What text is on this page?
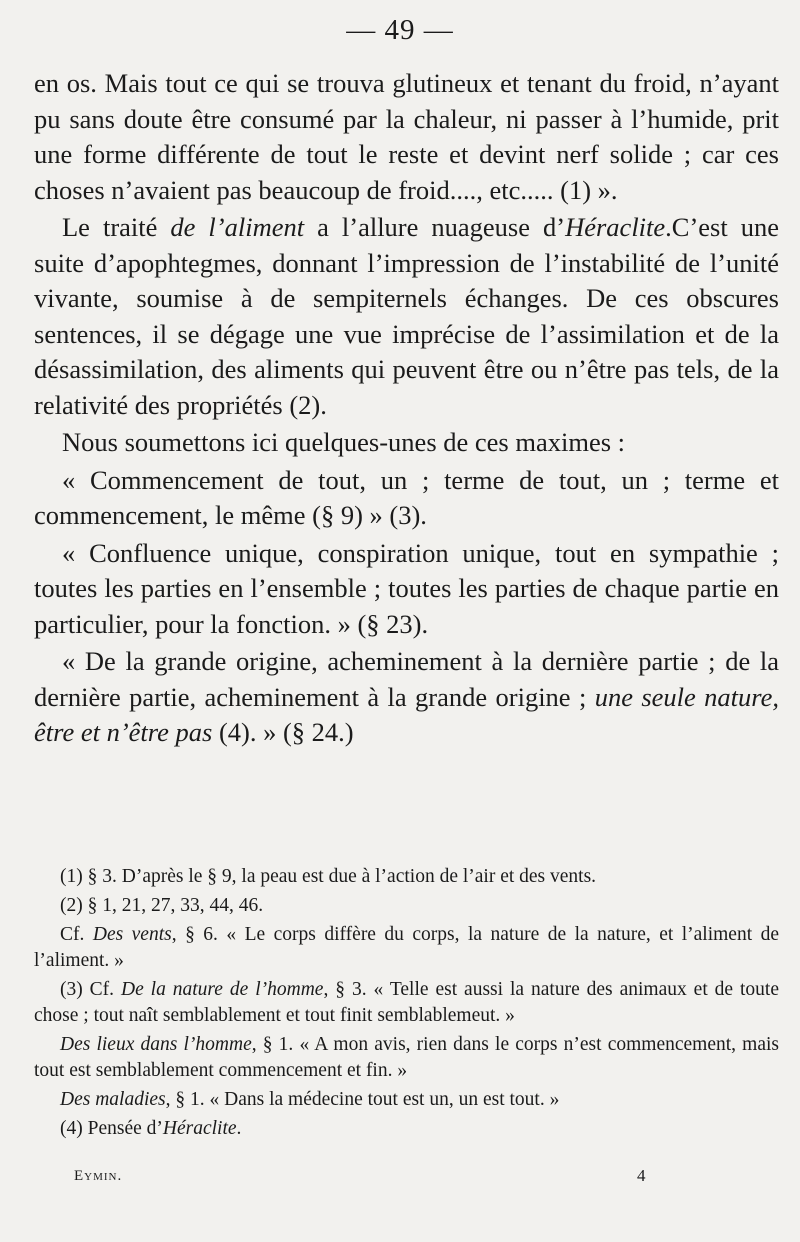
— 49 —

en os. Mais tout ce qui se trouva glutineux et tenant du froid, n’ayant pu sans doute être consumé par la chaleur, ni passer à l’humide, prit une forme différente de tout le reste et devint nerf solide ; car ces choses n’avaient pas beaucoup de froid...., etc..... (1) ».

Le traité de l’aliment a l’allure nuageuse d’Héraclite.C’est une suite d’apophtegmes, donnant l’impression de l’instabilité de l’unité vivante, soumise à de sempiternels échanges. De ces obscures sentences, il se dégage une vue imprécise de l’assimilation et de la désassimilation, des aliments qui peuvent être ou n’être pas tels, de la relativité des propriétés (2).

Nous soumettons ici quelques-unes de ces maximes :

« Commencement de tout, un ; terme de tout, un ; terme et commencement, le même (§ 9) » (3).

« Confluence unique, conspiration unique, tout en sympathie ; toutes les parties en l’ensemble ; toutes les parties de chaque partie en particulier, pour la fonction. » (§ 23).

« De la grande origine, acheminement à la dernière partie ; de la dernière partie, acheminement à la grande origine ; une seule nature, être et n’être pas (4). » (§ 24.)

(1) § 3. D’après le § 9, la peau est due à l’action de l’air et des vents.

(2) § 1, 21, 27, 33, 44, 46.

Cf. Des vents, § 6. « Le corps diffère du corps, la nature de la nature, et l’aliment de l’aliment. »

(3) Cf. De la nature de l’homme, § 3. « Telle est aussi la nature des animaux et de toute chose ; tout naît semblablement et tout finit semblablemeut. »

Des lieux dans l’homme, § 1. « A mon avis, rien dans le corps n’est commencement, mais tout est semblablement commencement et fin. »

Des maladies, § 1. « Dans la médecine tout est un, un est tout. »

(4) Pensée d’Héraclite.

Eymin.	4
